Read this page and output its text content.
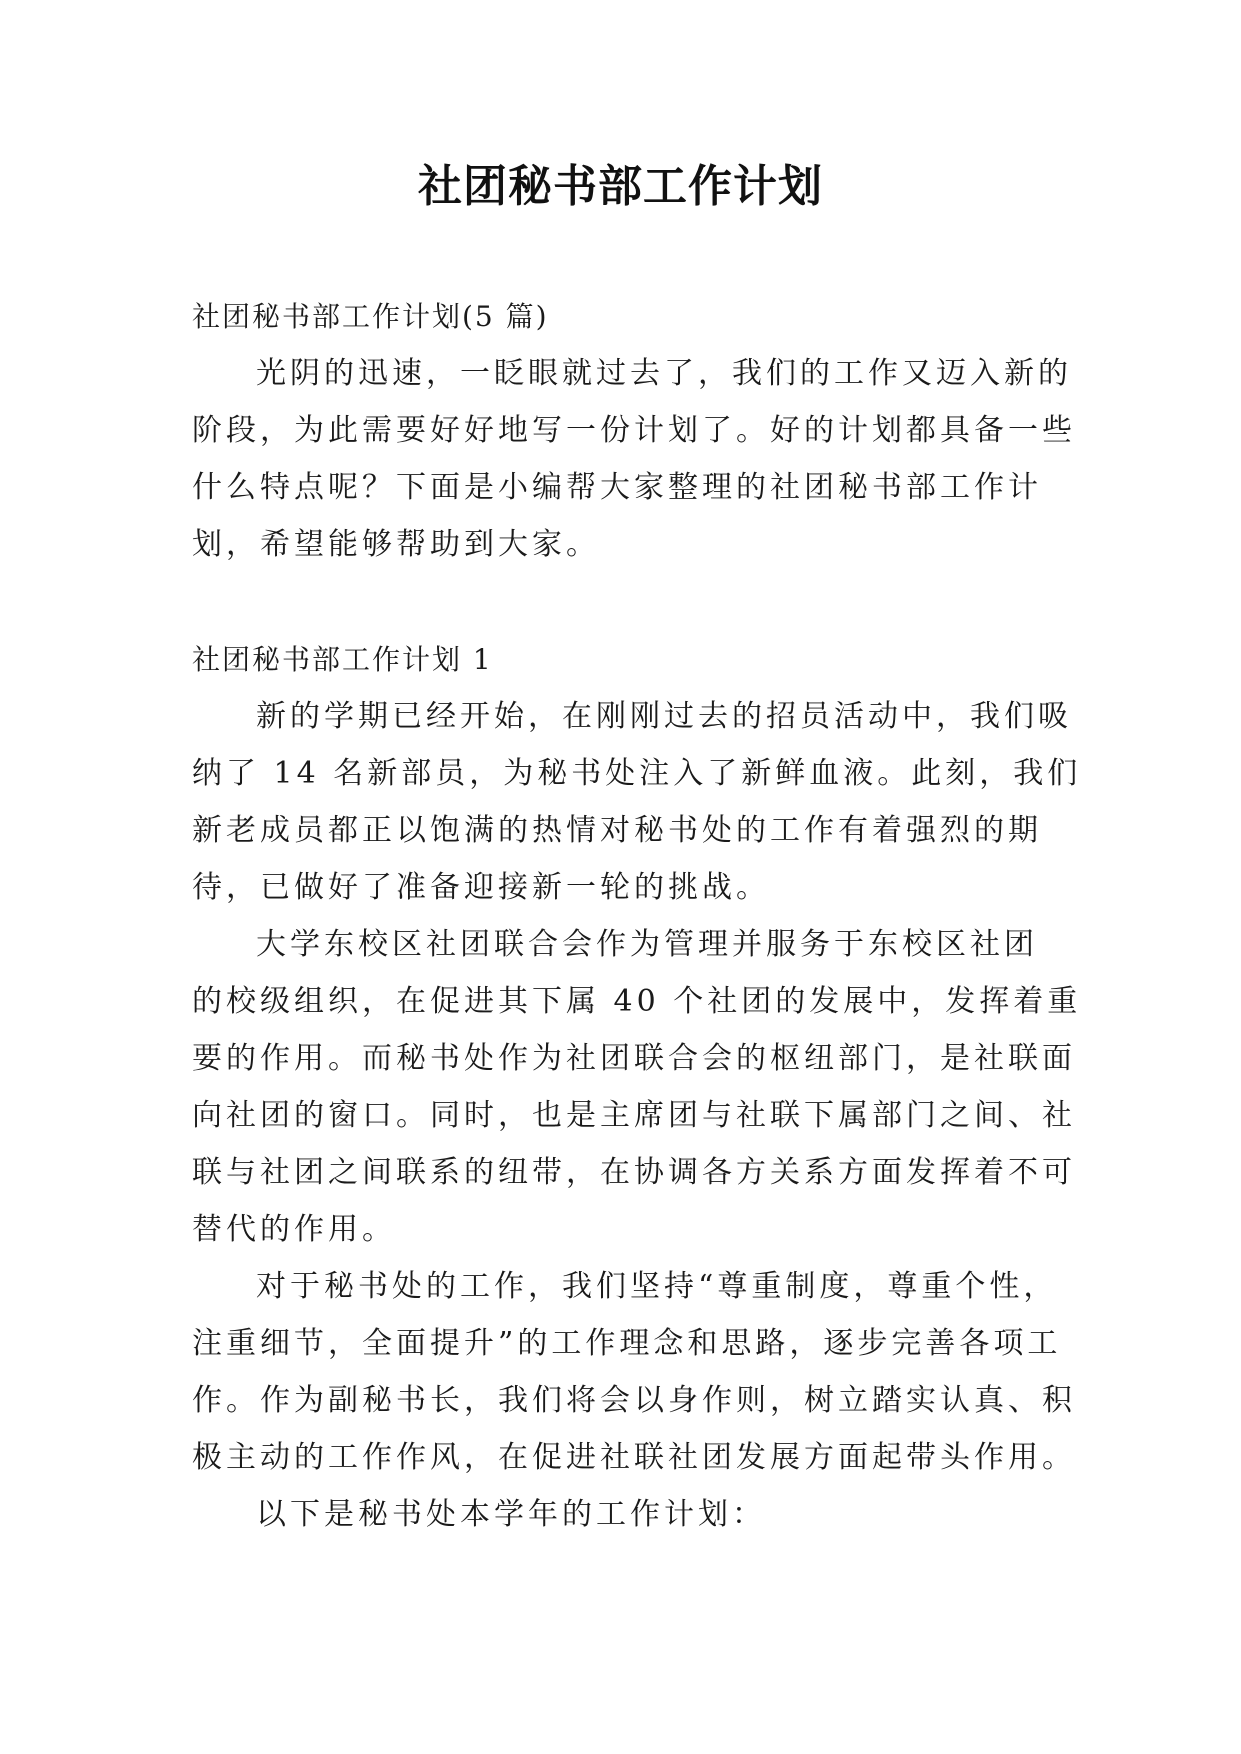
社团秘书部工作计划
社团秘书部工作计划(5 篇)
光阴的迅速，一眨眼就过去了，我们的工作又迈入新的
阶段，为此需要好好地写一份计划了。好的计划都具备一些
什么特点呢？下面是小编帮大家整理的社团秘书部工作计
划，希望能够帮助到大家。
社团秘书部工作计划 1
新的学期已经开始，在刚刚过去的招员活动中，我们吸
纳了 14 名新部员，为秘书处注入了新鲜血液。此刻，我们
新老成员都正以饱满的热情对秘书处的工作有着强烈的期
待，已做好了准备迎接新一轮的挑战。
大学东校区社团联合会作为管理并服务于东校区社团
的校级组织，在促进其下属 40 个社团的发展中，发挥着重
要的作用。而秘书处作为社团联合会的枢纽部门，是社联面
向社团的窗口。同时，也是主席团与社联下属部门之间、社
联与社团之间联系的纽带，在协调各方关系方面发挥着不可
替代的作用。
对于秘书处的工作，我们坚持“尊重制度，尊重个性，
注重细节，全面提升”的工作理念和思路，逐步完善各项工
作。作为副秘书长，我们将会以身作则，树立踏实认真、积
极主动的工作作风，在促进社联社团发展方面起带头作用。
以下是秘书处本学年的工作计划：
